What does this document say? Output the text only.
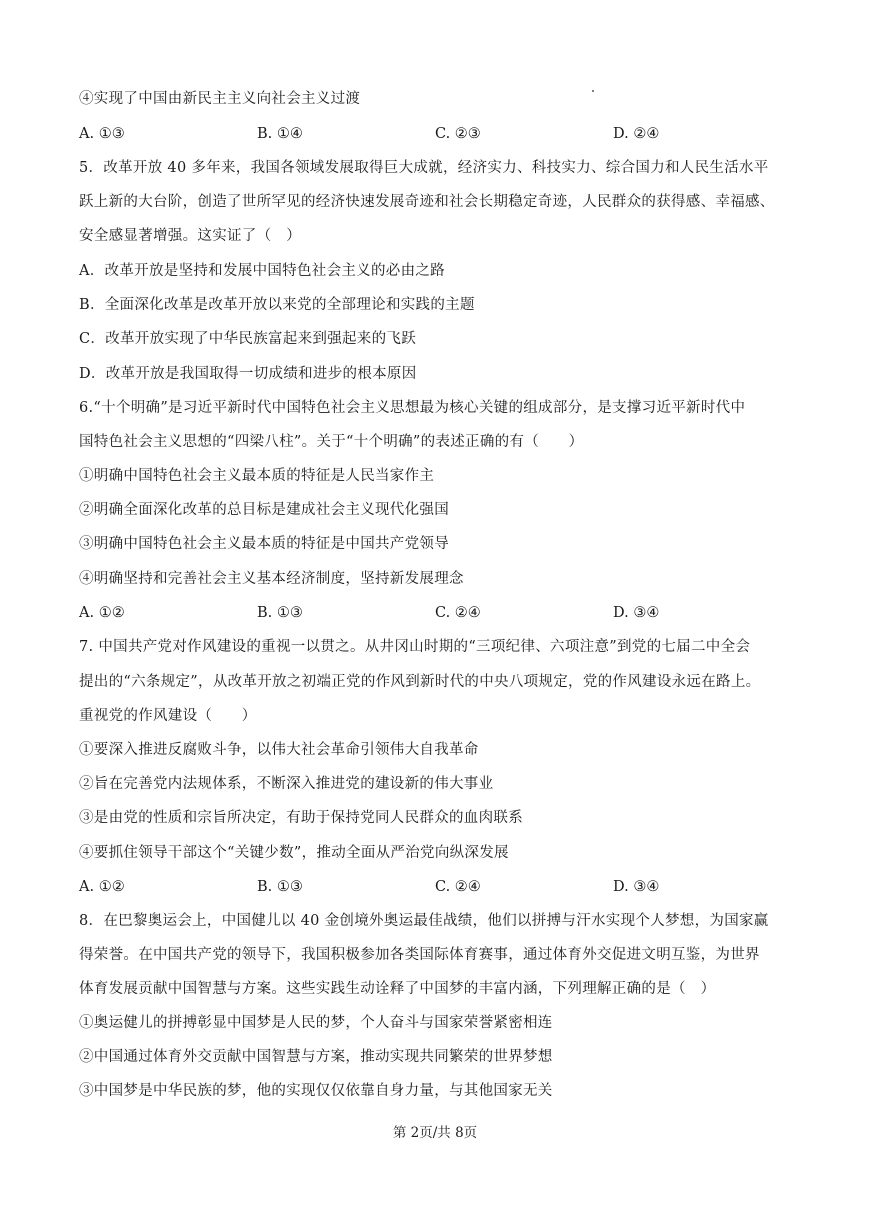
④实现了中国由新民主主义向社会主义过渡
A. ①③	B. ①④	C. ②③	D. ②④
5．改革开放 40 多年来，我国各领域发展取得巨大成就，经济实力、科技实力、综合国力和人民生活水平
跃上新的大台阶，创造了世所罕见的经济快速发展奇迹和社会长期稳定奇迹，人民群众的获得感、幸福感、
安全感显著增强。这实证了（　）
A．改革开放是坚持和发展中国特色社会主义的必由之路
B．全面深化改革是改革开放以来党的全部理论和实践的主题
C．改革开放实现了中华民族富起来到强起来的飞跃
D．改革开放是我国取得一切成绩和进步的根本原因
6.“十个明确”是习近平新时代中国特色社会主义思想最为核心关键的组成部分，是支撑习近平新时代中
国特色社会主义思想的“四梁八柱”。关于“十个明确”的表述正确的有（　　）
①明确中国特色社会主义最本质的特征是人民当家作主
②明确全面深化改革的总目标是建成社会主义现代化强国
③明确中国特色社会主义最本质的特征是中国共产党领导
④明确坚持和完善社会主义基本经济制度，坚持新发展理念
A. ①②	B. ①③	C. ②④	D. ③④
7. 中国共产党对作风建设的重视一以贯之。从井冈山时期的“三项纪律、六项注意”到党的七届二中全会
提出的“六条规定”，从改革开放之初端正党的作风到新时代的中央八项规定，党的作风建设永远在路上。
重视党的作风建设（　　）
①要深入推进反腐败斗争，以伟大社会革命引领伟大自我革命
②旨在完善党内法规体系，不断深入推进党的建设新的伟大事业
③是由党的性质和宗旨所决定，有助于保持党同人民群众的血肉联系
④要抓住领导干部这个“关键少数”，推动全面从严治党向纵深发展
A. ①②	B. ①③	C. ②④	D. ③④
8．在巴黎奥运会上，中国健儿以 40 金创境外奥运最佳战绩，他们以拼搏与汗水实现个人梦想，为国家赢
得荣誉。在中国共产党的领导下，我国积极参加各类国际体育赛事，通过体育外交促进文明互鉴，为世界
体育发展贡献中国智慧与方案。这些实践生动诠释了中国梦的丰富内涵，下列理解正确的是（　）
①奥运健儿的拼搏彰显中国梦是人民的梦，个人奋斗与国家荣誉紧密相连
②中国通过体育外交贡献中国智慧与方案，推动实现共同繁荣的世界梦想
③中国梦是中华民族的梦，他的实现仅仅依靠自身力量，与其他国家无关
第 2页/共 8页
